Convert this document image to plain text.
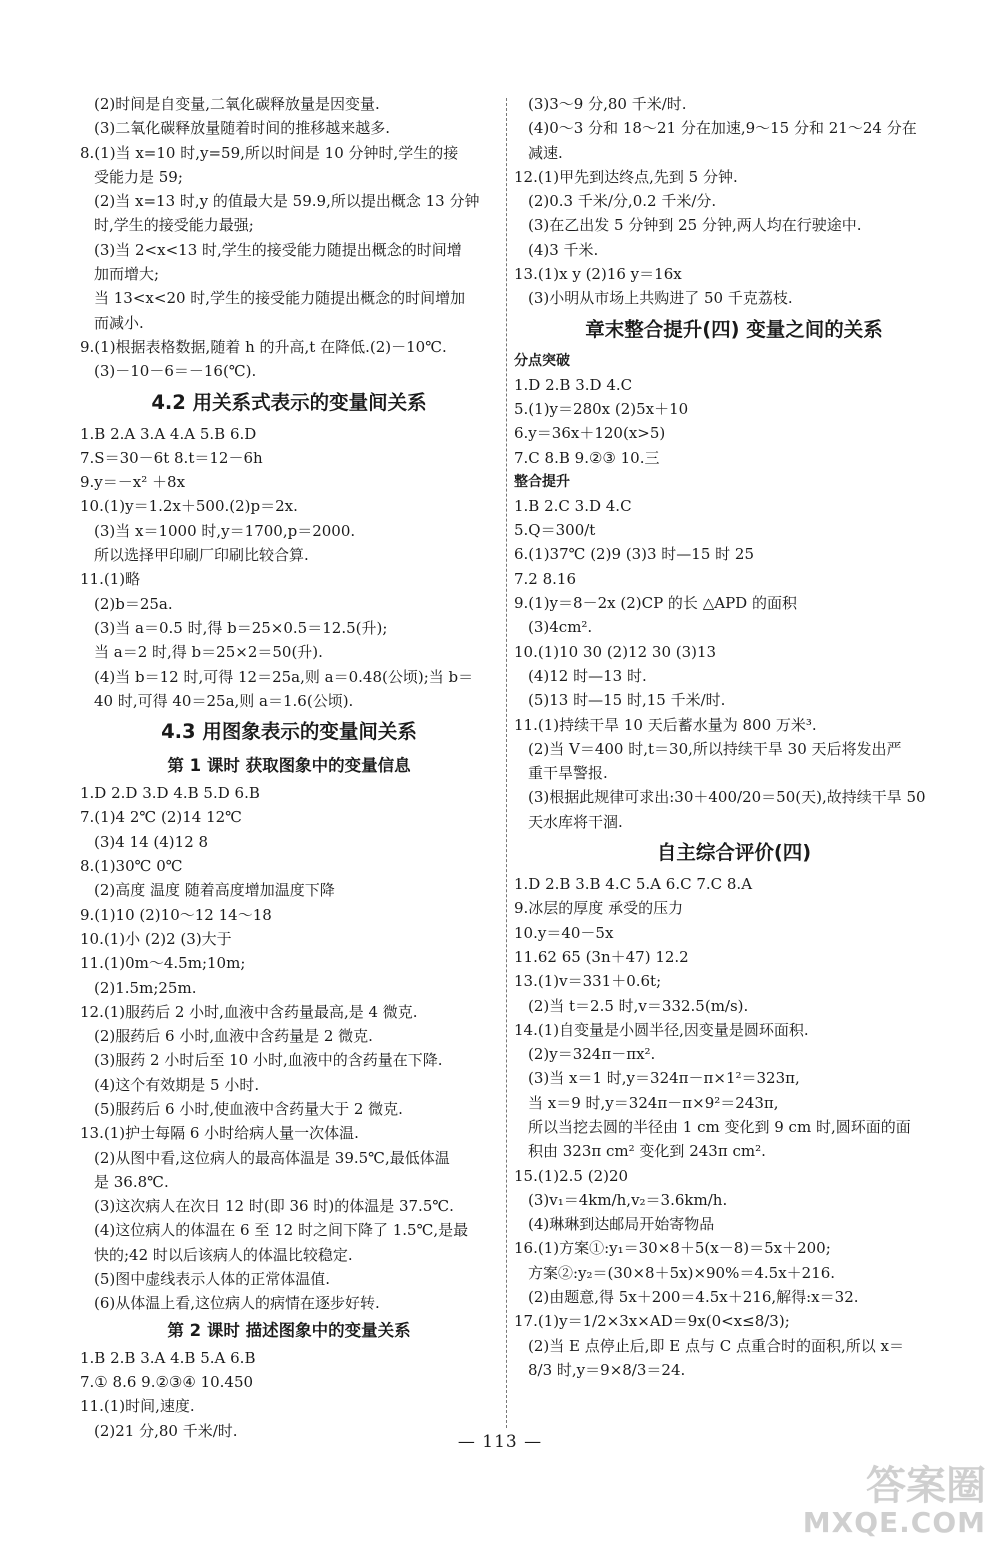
(2)时间是自变量,二氧化碳释放量是因变量.
(3)二氧化碳释放量随着时间的推移越来越多.
8.(1)当 x=10 时,y=59,所以时间是 10 分钟时,学生的接
受能力是 59;
(2)当 x=13 时,y 的值最大是 59.9,所以提出概念 13 分钟
时,学生的接受能力最强;
(3)当 2<x<13 时,学生的接受能力随提出概念的时间增
加而增大;
当 13<x<20 时,学生的接受能力随提出概念的时间增加
而减小.
9.(1)根据表格数据,随着 h 的升高,t 在降低.(2)－10℃.
(3)－10－6＝－16(℃).
4.2 用关系式表示的变量间关系
1.B 2.A 3.A 4.A 5.B 6.D
7.S＝30－6t 8.t＝12－6h
9.y＝－x² ＋8x
10.(1)y＝1.2x＋500.(2)p＝2x.
(3)当 x＝1000 时,y＝1700,p＝2000.
所以选择甲印刷厂印刷比较合算.
11.(1)略
(2)b＝25a.
(3)当 a＝0.5 时,得 b＝25×0.5＝12.5(升);
当 a＝2 时,得 b＝25×2＝50(升).
(4)当 b＝12 时,可得 12＝25a,则 a＝0.48(公顷);当 b＝
40 时,可得 40＝25a,则 a＝1.6(公顷).
4.3 用图象表示的变量间关系
第 1 课时 获取图象中的变量信息
1.D 2.D 3.D 4.B 5.D 6.B
7.(1)4 2℃ (2)14 12℃
(3)4 14 (4)12 8
8.(1)30℃ 0℃
(2)高度 温度 随着高度增加温度下降
9.(1)10 (2)10～12 14～18
10.(1)小 (2)2 (3)大于
11.(1)0m～4.5m;10m;
(2)1.5m;25m.
12.(1)服药后 2 小时,血液中含药量最高,是 4 微克.
(2)服药后 6 小时,血液中含药量是 2 微克.
(3)服药 2 小时后至 10 小时,血液中的含药量在下降.
(4)这个有效期是 5 小时.
(5)服药后 6 小时,使血液中含药量大于 2 微克.
13.(1)护士每隔 6 小时给病人量一次体温.
(2)从图中看,这位病人的最高体温是 39.5℃,最低体温
是 36.8℃.
(3)这次病人在次日 12 时(即 36 时)的体温是 37.5℃.
(4)这位病人的体温在 6 至 12 时之间下降了 1.5℃,是最
快的;42 时以后该病人的体温比较稳定.
(5)图中虚线表示人体的正常体温值.
(6)从体温上看,这位病人的病情在逐步好转.
第 2 课时 描述图象中的变量关系
1.B 2.B 3.A 4.B 5.A 6.B
7.① 8.6 9.②③④ 10.450
11.(1)时间,速度.
(2)21 分,80 千米/时.
(3)3～9 分,80 千米/时.
(4)0～3 分和 18～21 分在加速,9～15 分和 21～24 分在
减速.
12.(1)甲先到达终点,先到 5 分钟.
(2)0.3 千米/分,0.2 千米/分.
(3)在乙出发 5 分钟到 25 分钟,两人均在行驶途中.
(4)3 千米.
13.(1)x y (2)16 y＝16x
(3)小明从市场上共购进了 50 千克荔枝.
章末整合提升(四) 变量之间的关系
分点突破
1.D 2.B 3.D 4.C
5.(1)y＝280x (2)5x＋10
6.y＝36x＋120(x>5)
7.C 8.B 9.②③ 10.三
整合提升
1.B 2.C 3.D 4.C
5.Q＝300/t
6.(1)37℃ (2)9 (3)3 时—15 时 25
7.2 8.16
9.(1)y＝8－2x (2)CP 的长 △APD 的面积
(3)4cm².
10.(1)10 30 (2)12 30 (3)13
(4)12 时—13 时.
(5)13 时—15 时,15 千米/时.
11.(1)持续干旱 10 天后蓄水量为 800 万米³.
(2)当 V＝400 时,t＝30,所以持续干旱 30 天后将发出严
重干旱警报.
(3)根据此规律可求出:30＋400/20＝50(天),故持续干旱 50
天水库将干涸.
自主综合评价(四)
1.D 2.B 3.B 4.C 5.A 6.C 7.C 8.A
9.冰层的厚度 承受的压力
10.y＝40－5x
11.62 65 (3n＋47) 12.2
13.(1)v＝331＋0.6t;
(2)当 t＝2.5 时,v＝332.5(m/s).
14.(1)自变量是小圆半径,因变量是圆环面积.
(2)y＝324π－πx².
(3)当 x＝1 时,y＝324π－π×1²＝323π,
当 x＝9 时,y＝324π－π×9²＝243π,
所以当挖去圆的半径由 1 cm 变化到 9 cm 时,圆环面的面
积由 323π cm² 变化到 243π cm².
15.(1)2.5 (2)20
(3)v₁＝4km/h,v₂＝3.6km/h.
(4)琳琳到达邮局开始寄物品
16.(1)方案①:y₁＝30×8＋5(x－8)＝5x＋200;
方案②:y₂＝(30×8＋5x)×90%＝4.5x＋216.
(2)由题意,得 5x＋200＝4.5x＋216,解得:x＝32.
17.(1)y＝1/2×3x×AD＝9x(0<x≤8/3);
(2)当 E 点停止后,即 E 点与 C 点重合时的面积,所以 x＝
8/3 时,y＝9×8/3＝24.
— 113 —
答案圈
MXQE.COM
